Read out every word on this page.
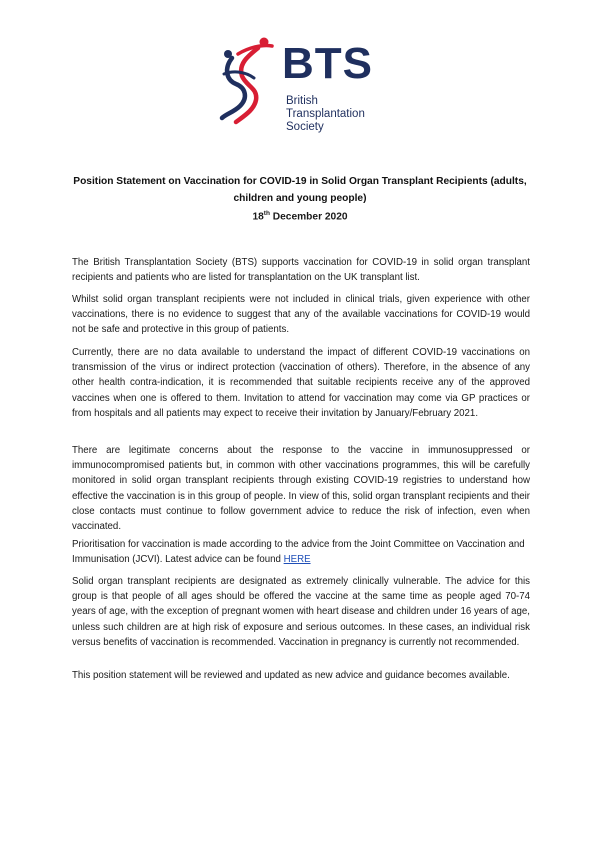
BTS
British
Transplantation
Society
Position Statement on Vaccination for COVID-19 in Solid Organ Transplant Recipients (adults, children and young people)
18th December 2020

The British Transplantation Society (BTS) supports vaccination for COVID-19 in solid organ transplant recipients and patients who are listed for transplantation on the UK transplant list.

Whilst solid organ transplant recipients were not included in clinical trials, given experience with other vaccinations, there is no evidence to suggest that any of the available vaccinations for COVID-19 would not be safe and protective in this group of patients.

Currently, there are no data available to understand the impact of different COVID-19 vaccinations on transmission of the virus or indirect protection (vaccination of others). Therefore, in the absence of any other health contra-indication, it is recommended that suitable recipients receive any of the approved vaccines when one is offered to them. Invitation to attend for vaccination may come via GP practices or from hospitals and all patients may expect to receive their invitation by January/February 2021.

There are legitimate concerns about the response to the vaccine in immunosuppressed or immunocompromised patients but, in common with other vaccinations programmes, this will be carefully monitored in solid organ transplant recipients through existing COVID-19 registries to understand how effective the vaccination is in this group of people. In view of this, solid organ transplant recipients and their close contacts must continue to follow government advice to reduce the risk of infection, even when vaccinated.

Prioritisation for vaccination is made according to the advice from the Joint Committee on Vaccination and Immunisation (JCVI). Latest advice can be found HERE

Solid organ transplant recipients are designated as extremely clinically vulnerable. The advice for this group is that people of all ages should be offered the vaccine at the same time as people aged 70-74 years of age, with the exception of pregnant women with heart disease and children under 16 years of age, unless such children are at high risk of exposure and serious outcomes. In these cases, an individual risk versus benefits of vaccination is recommended. Vaccination in pregnancy is currently not recommended.

This position statement will be reviewed and updated as new advice and guidance becomes available.
